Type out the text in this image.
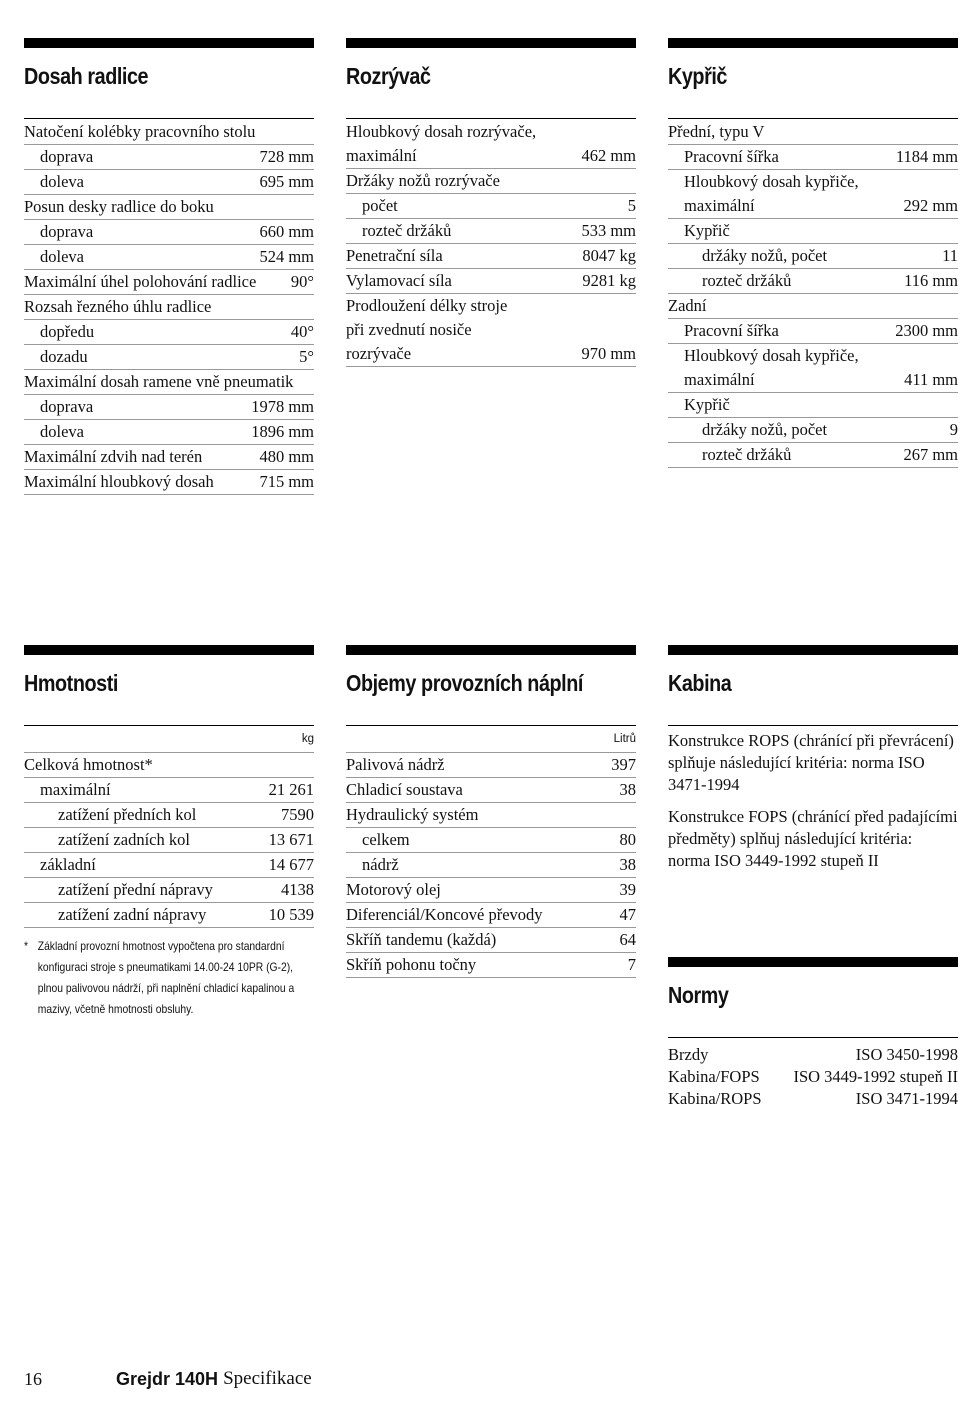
Dosah radlice
Natočení kolébky pracovního stolu
doprava	728 mm
doleva	695 mm
Posun desky radlice do boku
doprava	660 mm
doleva	524 mm
Maximální úhel polohování radlice 90°
Rozsah řezného úhlu radlice
dopředu	40°
dozadu	5°
Maximální dosah ramene vně pneumatik
doprava	1978 mm
doleva	1896 mm
Maximální zdvih nad terén	480 mm
Maximální hloubkový dosah	715 mm
Rozrývač
Hloubkový dosah rozrývače,
maximální	462 mm
Držáky nožů rozrývače
počet	5
rozteč držáků	533 mm
Penetrační síla	8047 kg
Vylamovací síla	9281 kg
Prodloužení délky stroje
při zvednutí nosiče
rozrývače	970 mm
Kypřič
Přední, typu V
Pracovní šířka	1184 mm
Hloubkový dosah kypřiče,
maximální	292 mm
Kypřič
držáky nožů, počet	11
rozteč držáků	116 mm
Zadní
Pracovní šířka	2300 mm
Hloubkový dosah kypřiče,
maximální	411 mm
Kypřič
držáky nožů, počet	9
rozteč držáků	267 mm
Hmotnosti
kg
Celková hmotnost*
maximální	21 261
zatížení předních kol	7590
zatížení zadních kol	13 671
základní	14 677
zatížení přední nápravy	4138
zatížení zadní nápravy	10 539
* Základní provozní hmotnost vypočtena pro standardní konfiguraci stroje s pneumatikami 14.00-24 10PR (G-2), plnou palivovou nádrží, při naplnění chladicí kapalinou a mazivy, včetně hmotnosti obsluhy.
Objemy provozních náplní
Litrů
Palivová nádrž	397
Chladicí soustava	38
Hydraulický systém
celkem	80
nádrž	38
Motorový olej	39
Diferenciál/Koncové převody	47
Skříň tandemu (každá)	64
Skříň pohonu točny	7
Kabina
Konstrukce ROPS (chránící při převrácení) splňuje následující kritéria: norma ISO 3471-1994
Konstrukce FOPS (chránící před padajícími předměty) splňuj následující kritéria: norma ISO 3449-1992 stupeň II
Normy
Brzdy	ISO 3450-1998
Kabina/FOPS ISO 3449-1992 stupeň II
Kabina/ROPS	ISO 3471-1994
16	Grejdr 140H Specifikace
